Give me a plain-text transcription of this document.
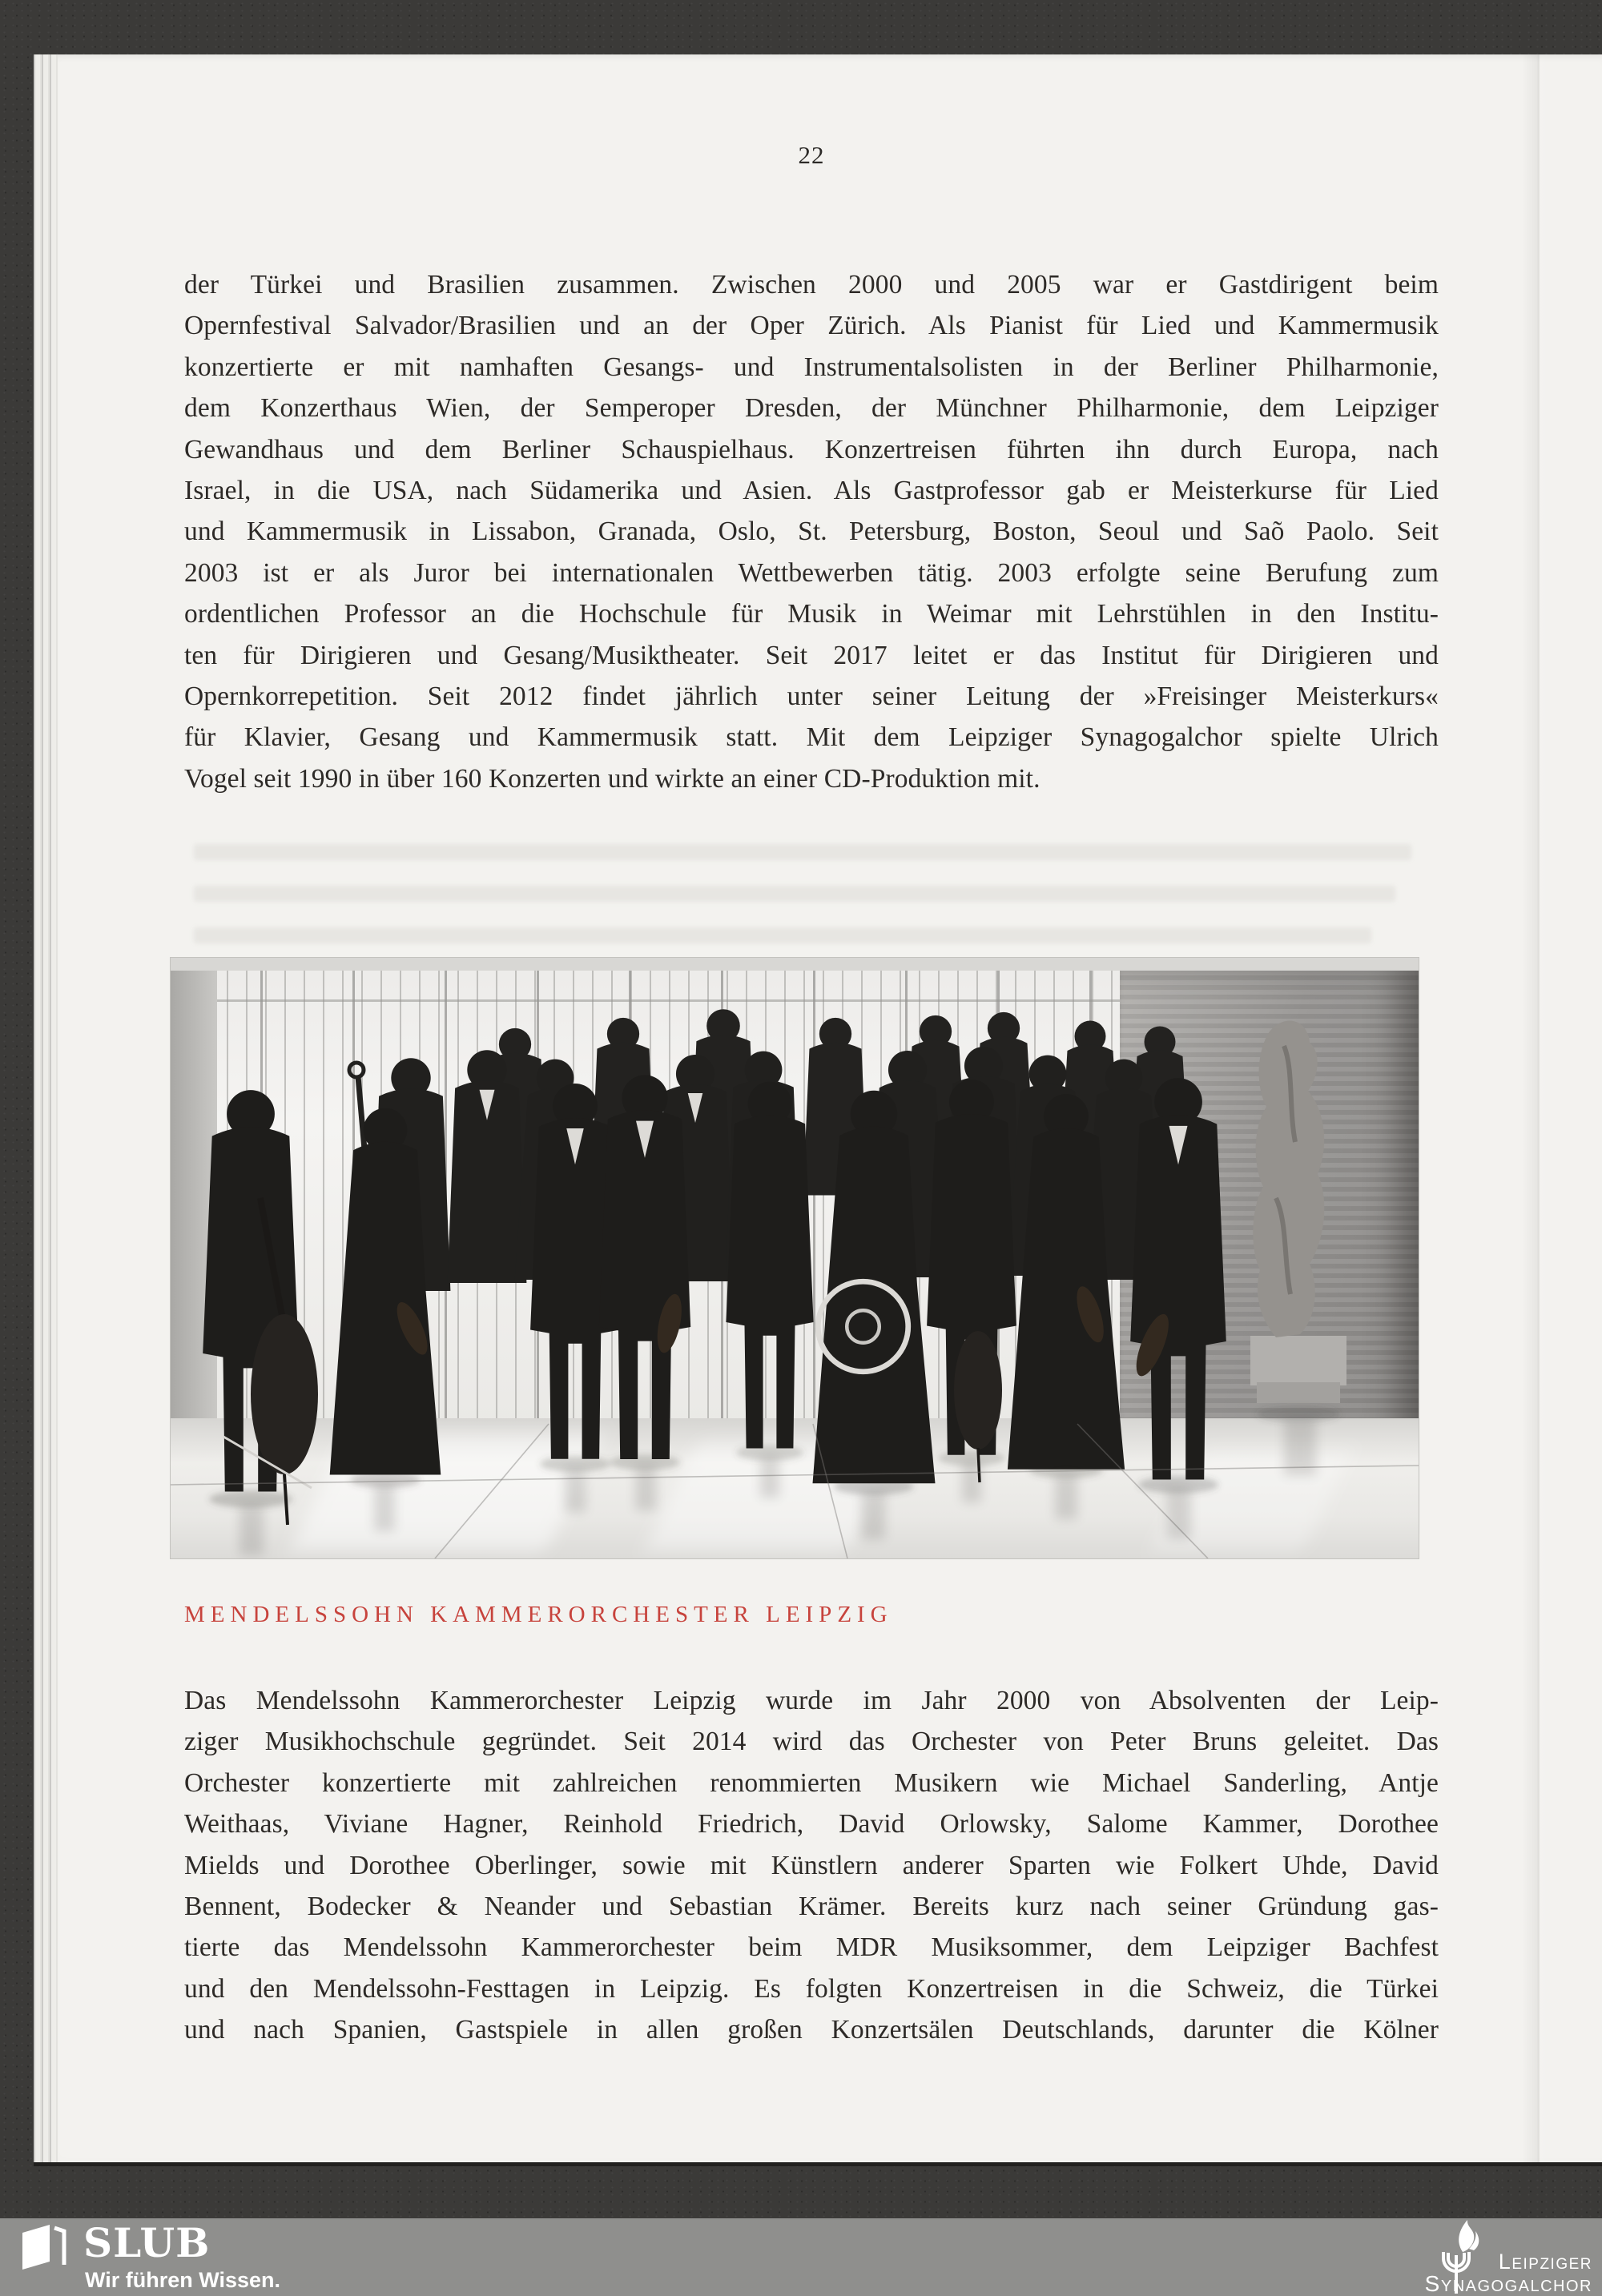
22
der Türkei und Brasilien zusammen. Zwischen 2000 und 2005 war er Gastdirigent beim
Opernfestival Salvador/Brasilien und an der Oper Zürich. Als Pianist für Lied und Kammermusik
konzertierte er mit namhaften Gesangs- und Instrumentalsolisten in der Berliner Philharmonie,
dem Konzerthaus Wien, der Semperoper Dresden, der Münchner Philharmonie, dem Leipziger
Gewandhaus und dem Berliner Schauspielhaus. Konzertreisen führten ihn durch Europa, nach
Israel, in die USA, nach Südamerika und Asien. Als Gastprofessor gab er Meisterkurse für Lied
und Kammermusik in Lissabon, Granada, Oslo, St. Petersburg, Boston, Seoul und Saõ Paolo. Seit
2003 ist er als Juror bei internationalen Wettbewerben tätig. 2003 erfolgte seine Berufung zum
ordentlichen Professor an die Hochschule für Musik in Weimar mit Lehrstühlen in den Institu-
ten für Dirigieren und Gesang/Musiktheater. Seit 2017 leitet er das Institut für Dirigieren und
Opernkorrepetition. Seit 2012 findet jährlich unter seiner Leitung der »Freisinger Meisterkurs«
für Klavier, Gesang und Kammermusik statt. Mit dem Leipziger Synagogalchor spielte Ulrich
Vogel seit 1990 in über 160 Konzerten und wirkte an einer CD-Produktion mit.
MENDELSSOHN KAMMERORCHESTER LEIPZIG
Das Mendelssohn Kammerorchester Leipzig wurde im Jahr 2000 von Absolventen der Leip-
ziger Musikhochschule gegründet. Seit 2014 wird das Orchester von Peter Bruns geleitet. Das
Orchester konzertierte mit zahlreichen renommierten Musikern wie Michael Sanderling, Antje
Weithaas, Viviane Hagner, Reinhold Friedrich, David Orlowsky, Salome Kammer, Dorothee
Mields und Dorothee Oberlinger, sowie mit Künstlern anderer Sparten wie Folkert Uhde, David
Bennent, Bodecker & Neander und Sebastian Krämer. Bereits kurz nach seiner Gründung gas-
tierte das Mendelssohn Kammerorchester beim MDR Musiksommer, dem Leipziger Bachfest
und den Mendelssohn-Festtagen in Leipzig. Es folgten Konzertreisen in die Schweiz, die Türkei
und nach Spanien, Gastspiele in allen großen Konzertsälen Deutschlands, darunter die Kölner
SLUB
Wir führen Wissen.
Leipziger
Synagogalchor
